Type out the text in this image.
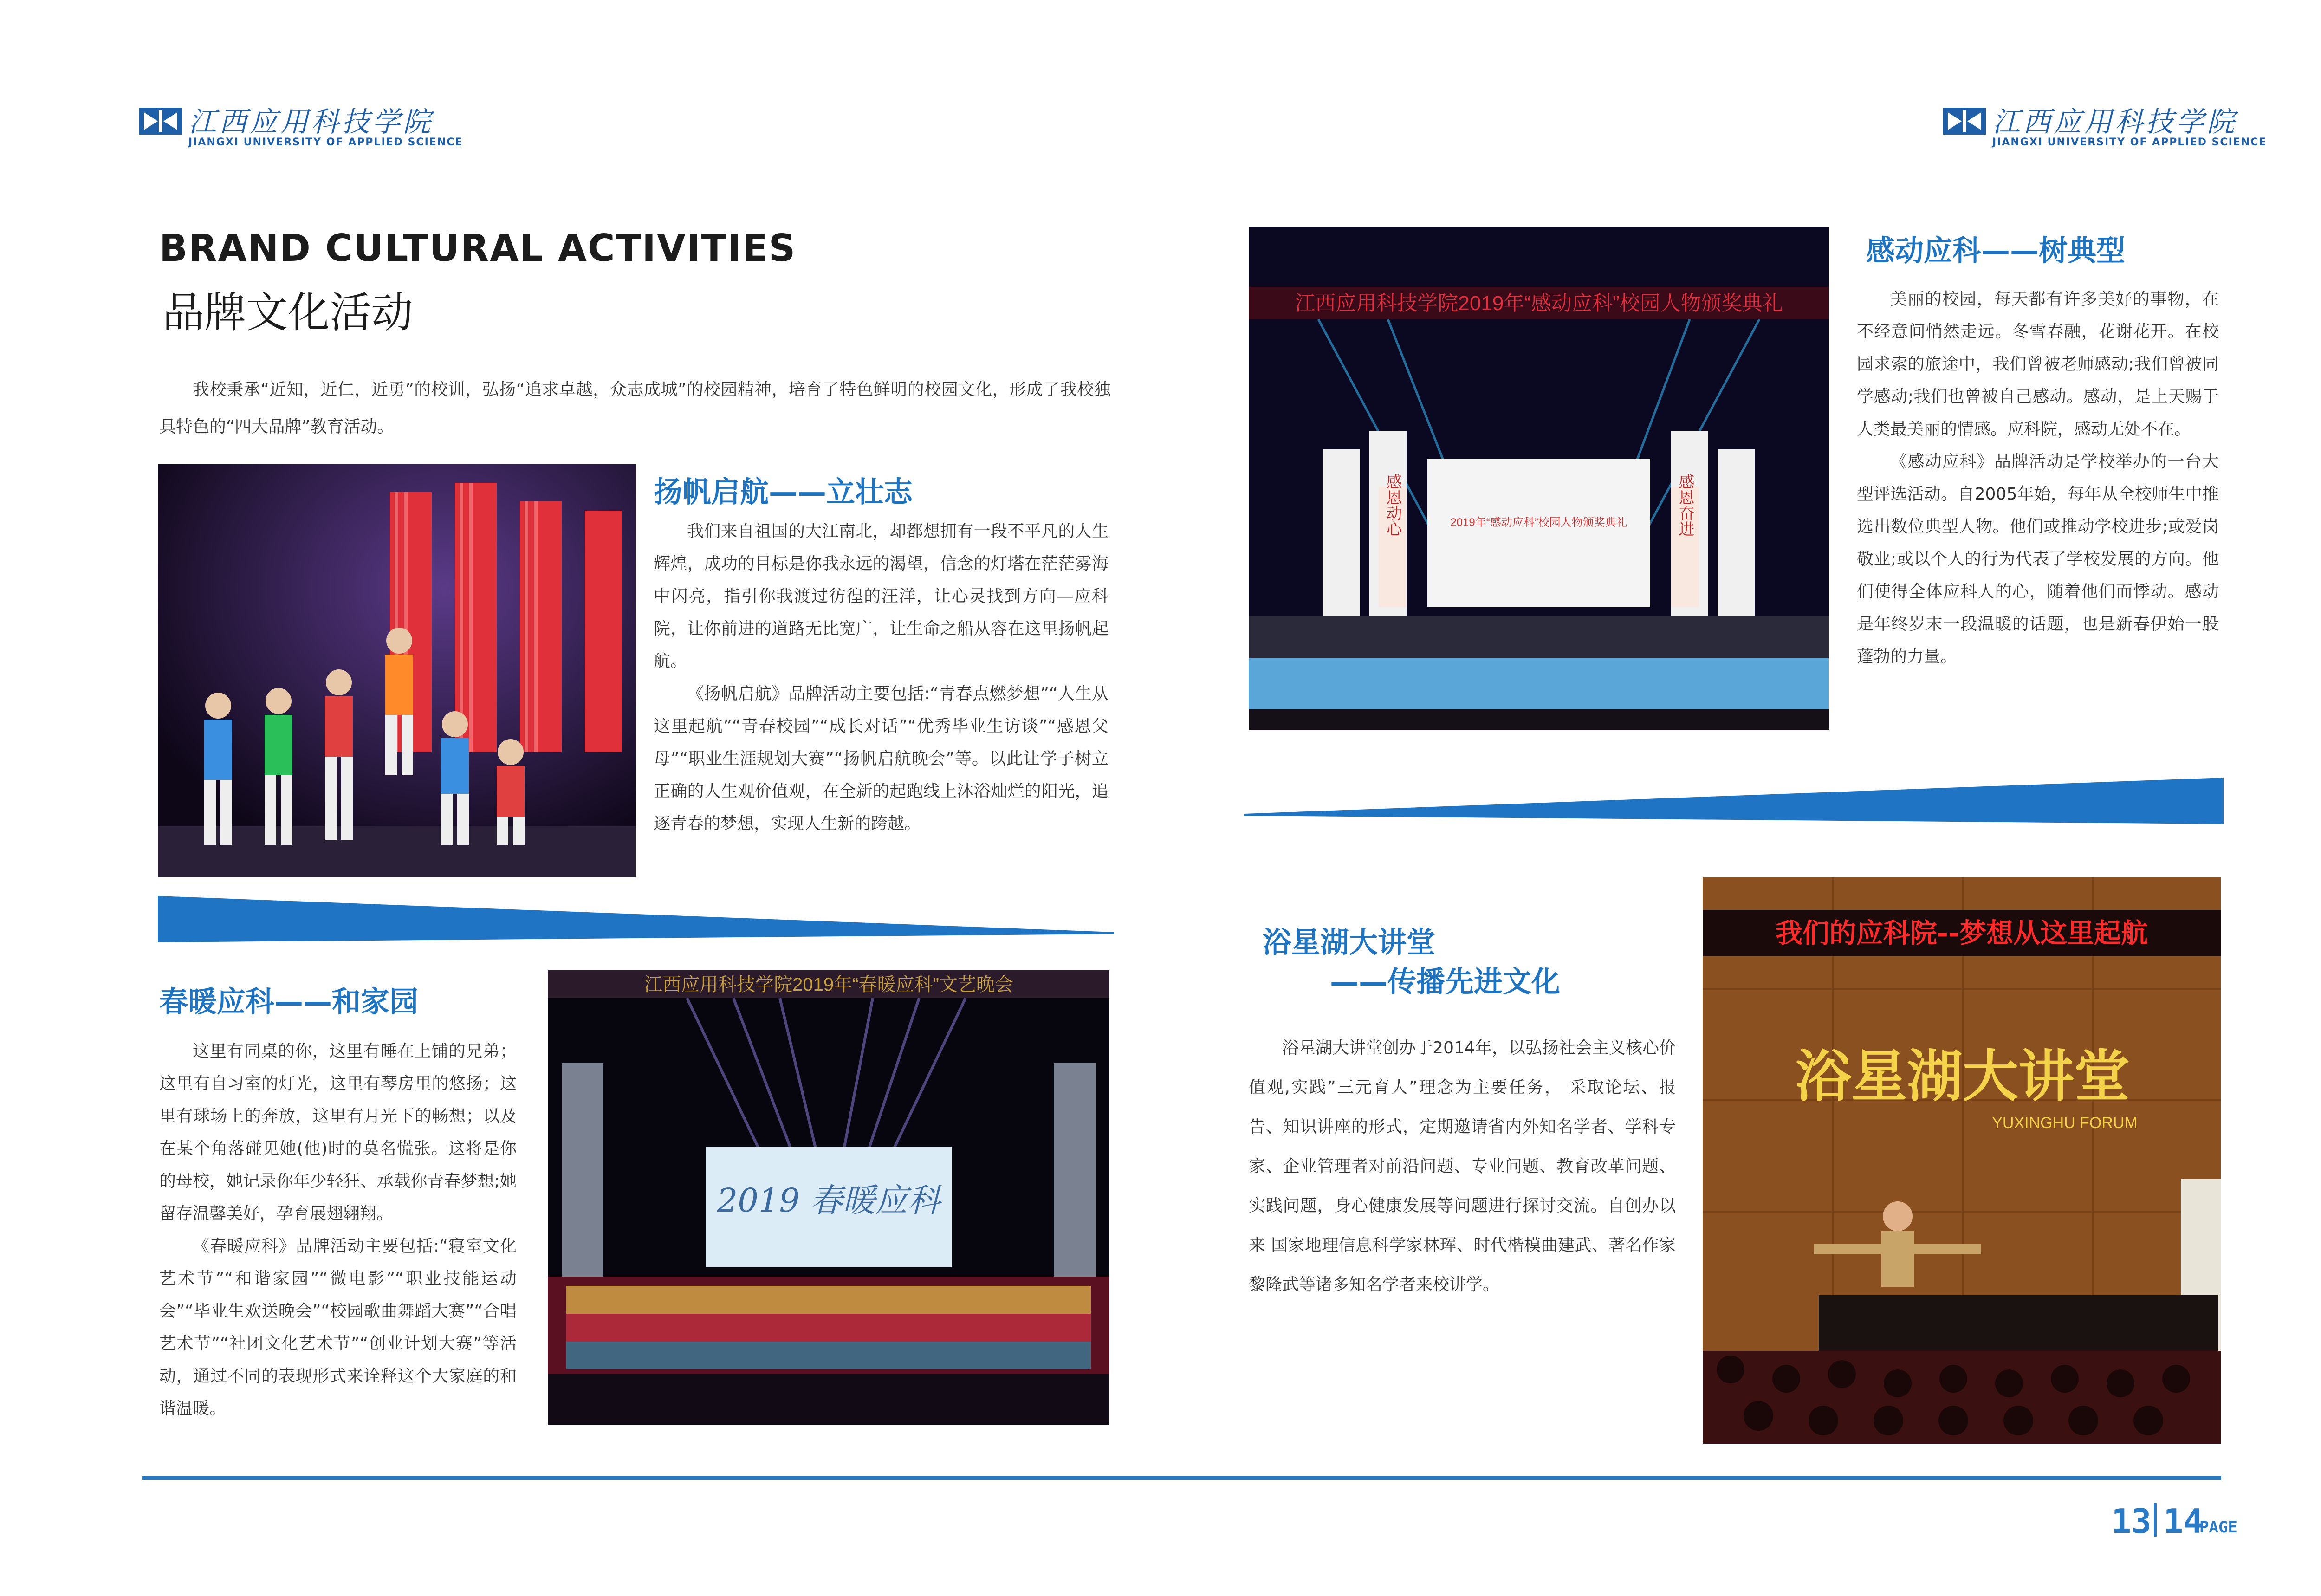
江西应用科技学院
JIANGXI UNIVERSITY OF APPLIED SCIENCE
江西应用科技学院
JIANGXI UNIVERSITY OF APPLIED SCIENCE
BRAND CULTURAL ACTIVITIES
品牌文化活动

我校秉承“近知，近仁，近勇”的校训，弘扬“追求卓越，众志成城”的校园精神，培育了特色鲜明的校园文化，形成了我校独具特色的“四大品牌”教育活动。

扬帆启航——立壮志

我们来自祖国的大江南北，却都想拥有一段不平凡的人生辉煌，成功的目标是你我永远的渴望，信念的灯塔在茫茫雾海中闪亮，指引你我渡过彷徨的汪洋，让心灵找到方向—应科院，让你前进的道路无比宽广，让生命之船从容在这里扬帆起航。

《扬帆启航》品牌活动主要包括:“青春点燃梦想”“人生从这里起航”“青春校园”“成长对话”“优秀毕业生访谈”“感恩父母”“职业生涯规划大赛”“扬帆启航晚会”等。以此让学子树立正确的人生观价值观，在全新的起跑线上沐浴灿烂的阳光，追逐青春的梦想，实现人生新的跨越。

春暖应科——和家园

这里有同桌的你，这里有睡在上铺的兄弟；这里有自习室的灯光，这里有琴房里的悠扬；这里有球场上的奔放，这里有月光下的畅想；以及在某个角落碰见她(他)时的莫名慌张。这将是你的母校，她记录你年少轻狂、承载你青春梦想;她留存温馨美好，孕育展翅翱翔。

《春暖应科》品牌活动主要包括:“寝室文化艺术节”“和谐家园”“微电影”“职业技能运动会”“毕业生欢送晚会”“校园歌曲舞蹈大赛”“合唱艺术节”“社团文化艺术节”“创业计划大赛”等活动，通过不同的表现形式来诠释这个大家庭的和谐温暖。

江西应用科技学院2019年“春暖应科”文艺晚会
2019 春暖应科
江西应用科技学院2019年“感动应科”校园人物颁奖典礼
2019年“感动应科”校园人物颁奖典礼
感恩动心	感恩奋进
感动应科——树典型

美丽的校园，每天都有许多美好的事物，在不经意间悄然走远。冬雪春融，花谢花开。在校园求索的旅途中，我们曾被老师感动;我们曾被同学感动;我们也曾被自己感动。感动，是上天赐于人类最美丽的情感。应科院，感动无处不在。

《感动应科》品牌活动是学校举办的一台大型评选活动。自2005年始，每年从全校师生中推选出数位典型人物。他们或推动学校进步;或爱岗敬业;或以个人的行为代表了学校发展的方向。他们使得全体应科人的心，随着他们而悸动。感动是年终岁末一段温暖的话题，也是新春伊始一股蓬勃的力量。

浴星湖大讲堂
——传播先进文化

浴星湖大讲堂创办于2014年，以弘扬社会主义核心价值观,实践”三元育人”理念为主要任务， 采取论坛、报告、知识讲座的形式，定期邀请省内外知名学者、学科专家、企业管理者对前沿问题、专业问题、教育改革问题、实践问题，身心健康发展等问题进行探讨交流。自创办以来 国家地理信息科学家林珲、时代楷模曲建武、著名作家黎隆武等诸多知名学者来校讲学。

我们的应科院--梦想从这里起航
浴星湖大讲堂
YUXINGHU FORUM
13 14
PAGE
